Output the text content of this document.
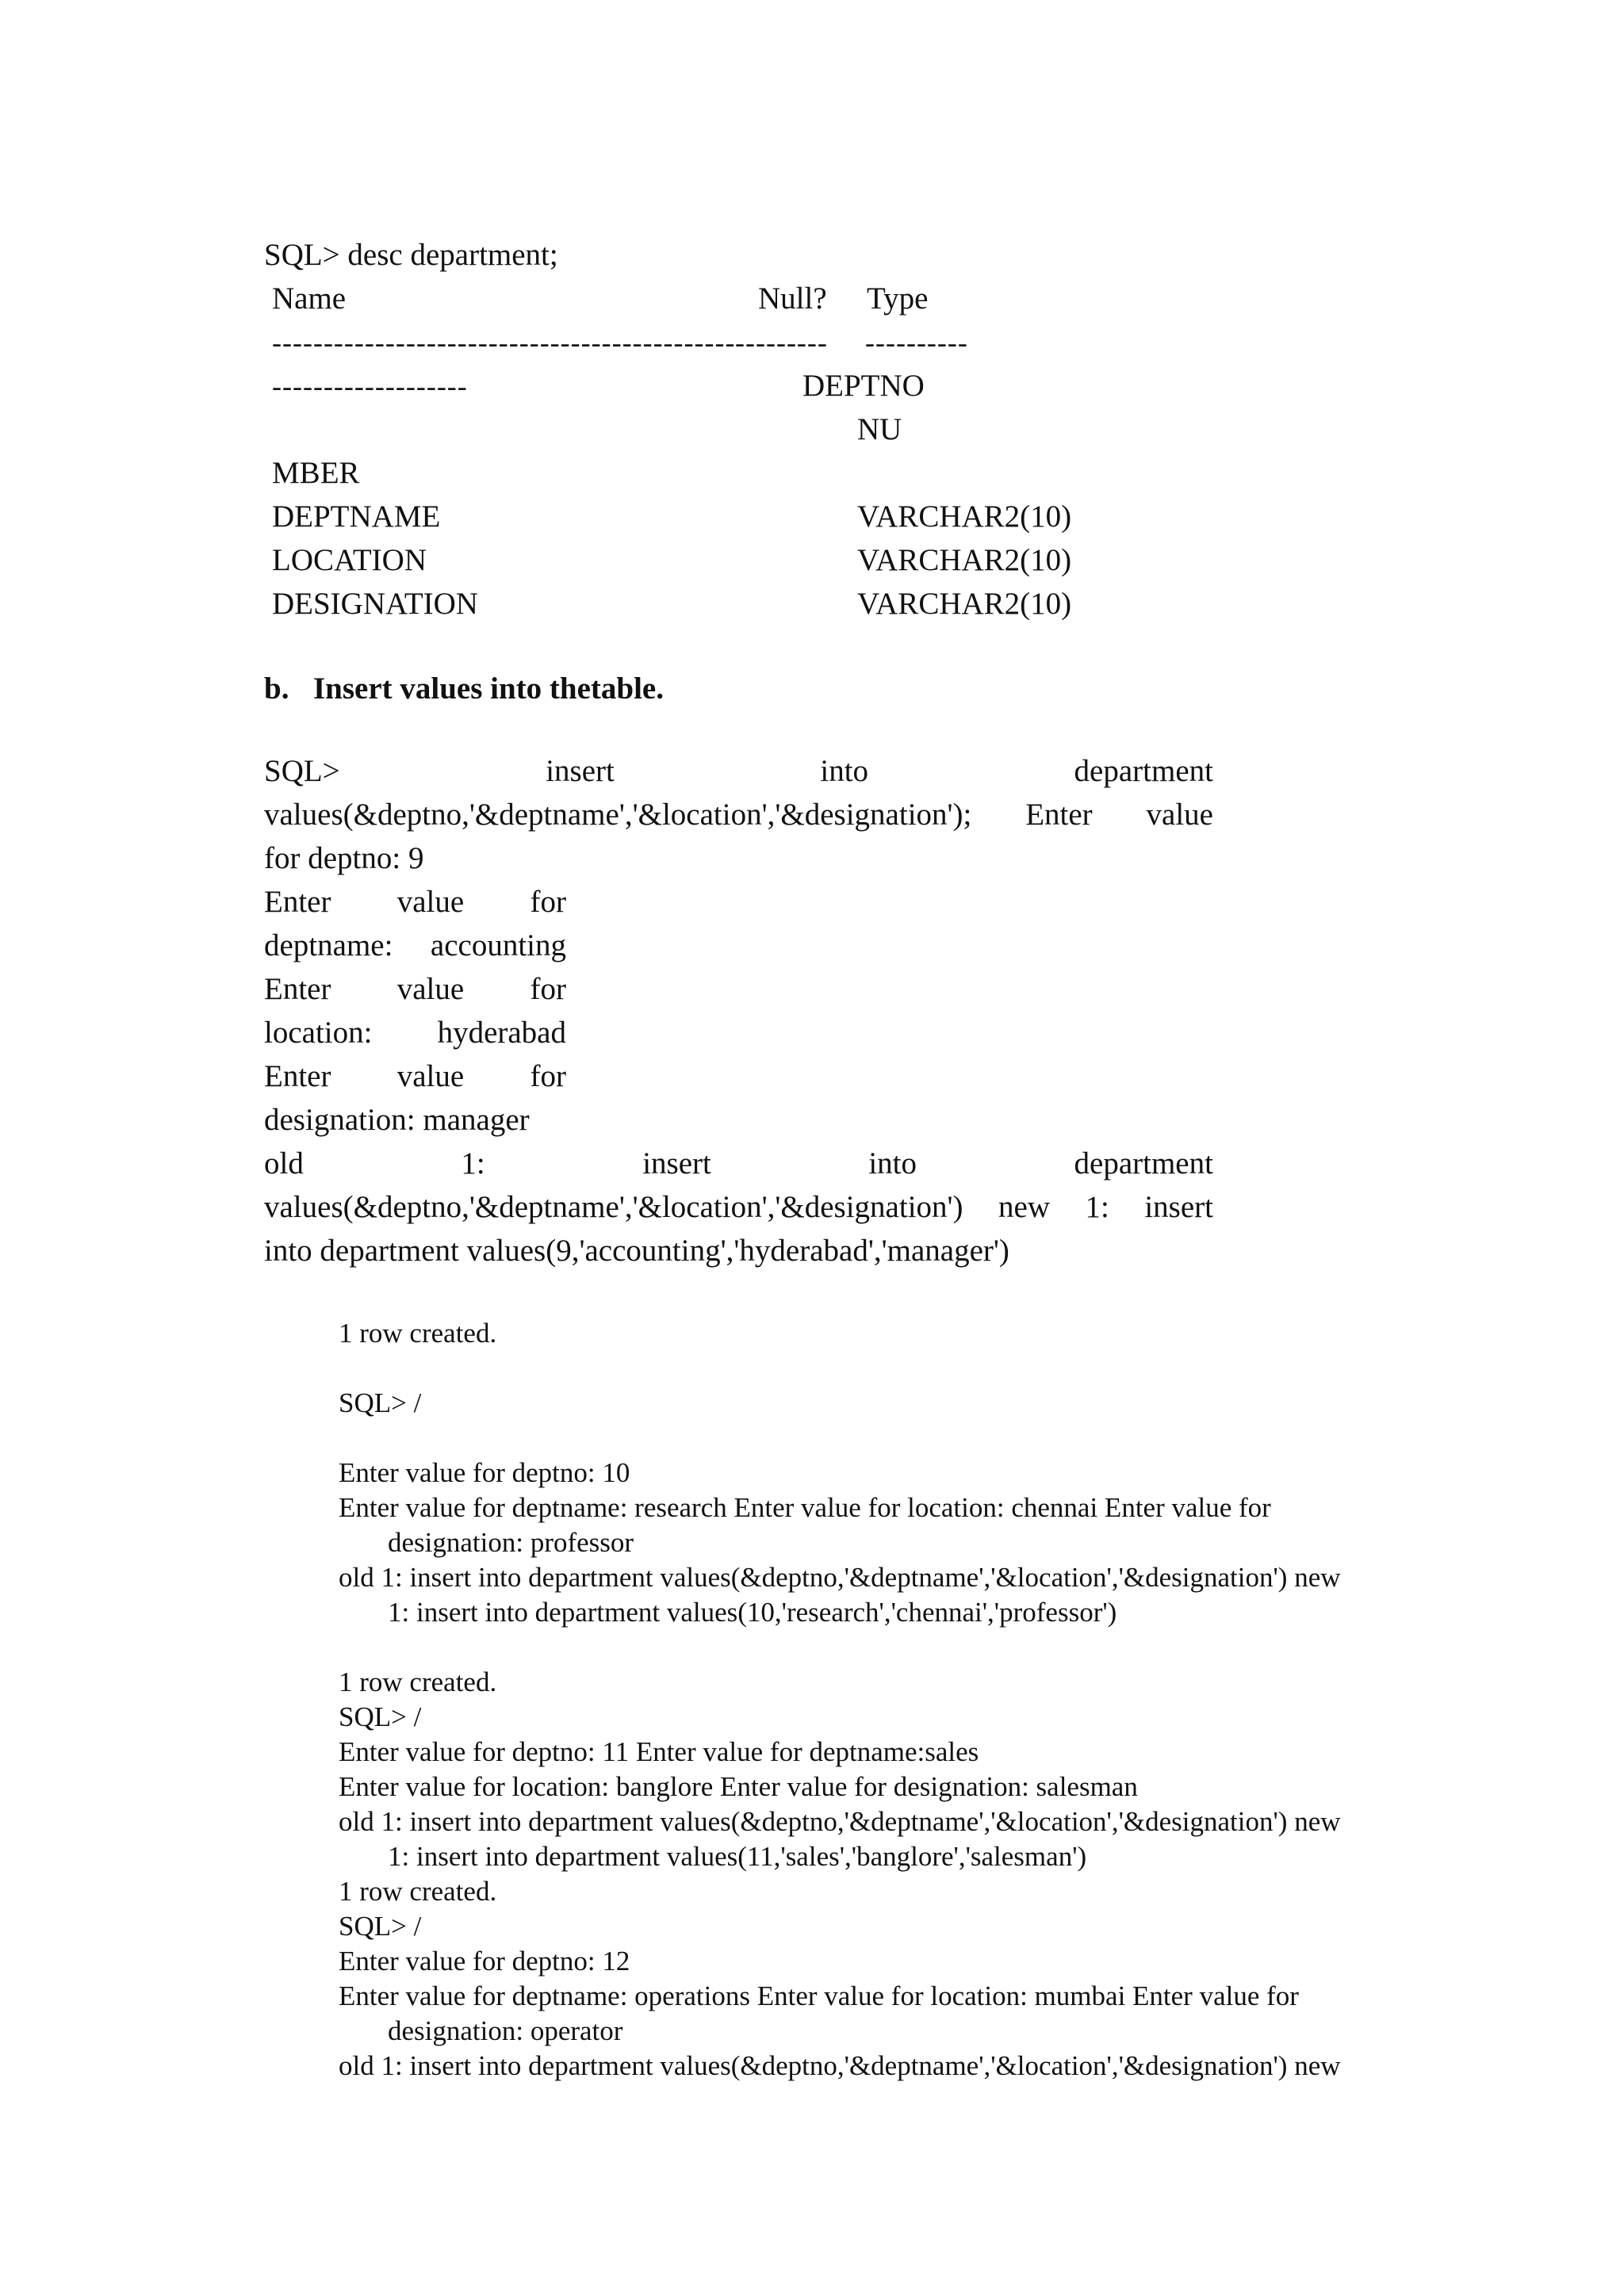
SQL> desc department;
Name	Null? Type
--------------------------------------------- ---------	----------
-------------------	DEPTNO
NU
MBER
DEPTNAME	VARCHAR2(10)
LOCATION	VARCHAR2(10)
DESIGNATION	VARCHAR2(10)
b. Insert values into thetable.
SQL>	insert	into	department
values(&deptno,'&deptname','&location','&designation'); Enter value
for deptno: 9
Enter value for
deptname: accounting
Enter value for
location: hyderabad
Enter value for
designation: manager
old	1:	insert	into	department
values(&deptno,'&deptname','&location','&designation') new 1: insert
into department values(9,'accounting','hyderabad','manager')
1 row created.
SQL> /
Enter value for deptno: 10
Enter value for deptname: research Enter value for location: chennai Enter value for
designation: professor
old 1: insert into department values(&deptno,'&deptname','&location','&designation') new
1: insert into department values(10,'research','chennai','professor')
1 row created.
SQL> /
Enter value for deptno: 11 Enter value for deptname:sales
Enter value for location: banglore Enter value for designation: salesman
old 1: insert into department values(&deptno,'&deptname','&location','&designation') new
1: insert into department values(11,'sales','banglore','salesman')
1 row created.
SQL> /
Enter value for deptno: 12
Enter value for deptname: operations Enter value for location: mumbai Enter value for
designation: operator
old 1: insert into department values(&deptno,'&deptname','&location','&designation') new
